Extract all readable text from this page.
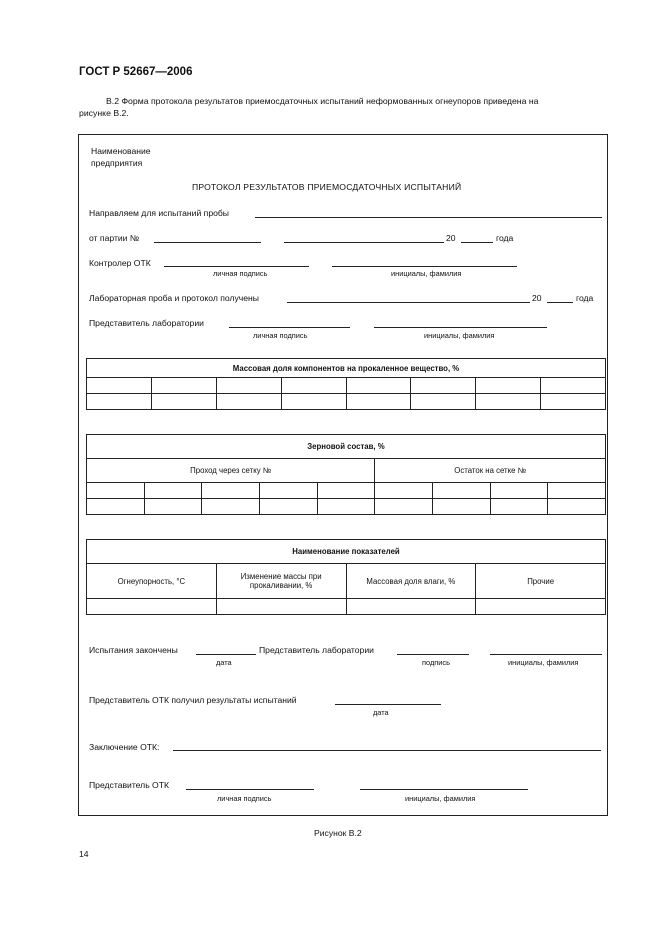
ГОСТ Р 52667—2006
В.2 Форма протокола результатов приемосдаточных испытаний неформованных огнеупоров приведена на
рисунке В.2.
Наименование
предприятия
ПРОТОКОЛ РЕЗУЛЬТАТОВ ПРИЕМОСДАТОЧНЫХ ИСПЫТАНИЙ
Направляем для испытаний пробы
от партии №	20	года
Контролер ОТК
личная подпись	инициалы, фамилия
Лабораторная проба и протокол получены	20	года
Представитель лаборатории
личная подпись	инициалы, фамилия
Массовая доля компонентов на прокаленное вещество, %							

Зерновой состав, %								
Проход через сетку №					Остаток на сетке №			

Наименование показателей			
Огнеупорность, °С	Изменение массы при
прокаливании, %	Массовая доля влаги, %	Прочие

Испытания закончены	Представитель лаборатории
дата	подпись	инициалы, фамилия
Представитель ОТК получил результаты испытаний
дата
Заключение ОТК:
Представитель ОТК
личная подпись	инициалы, фамилия
Рисунок В.2
14
